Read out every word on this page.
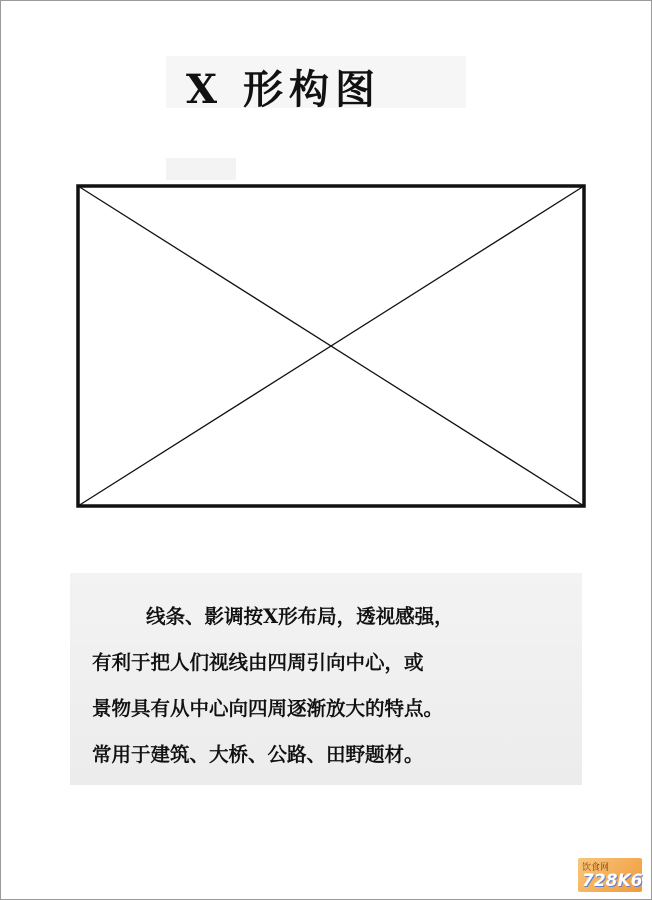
X 形构图
线条、影调按X形布局，透视感强，
有利于把人们视线由四周引向中心，或
景物具有从中心向四周逐渐放大的特点。
常用于建筑、大桥、公路、田野题材。
饮食网
728K6
